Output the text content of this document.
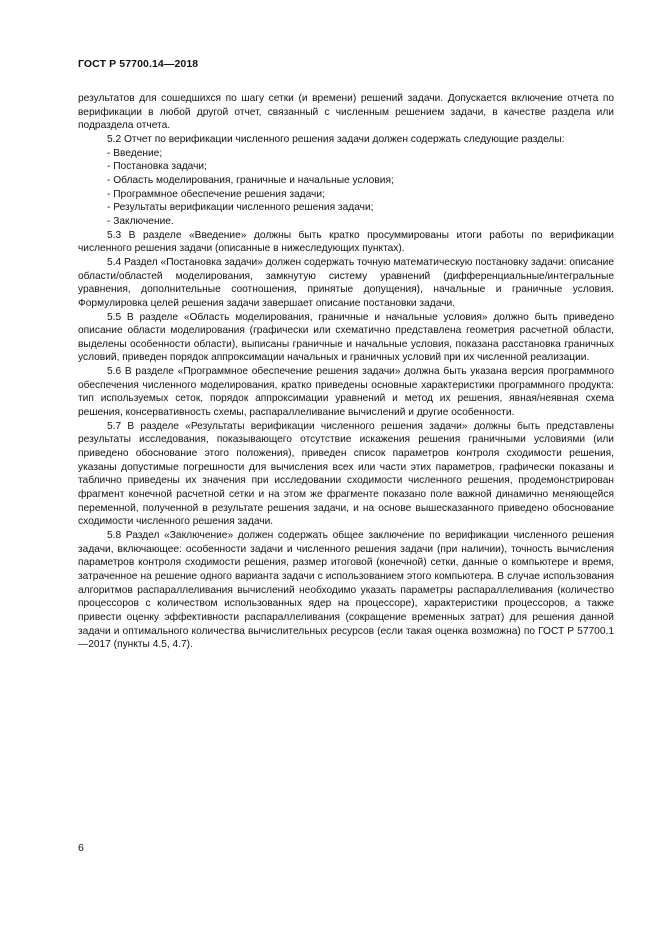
ГОСТ Р 57700.14—2018

результатов для сошедшихся по шагу сетки (и времени) решений задачи. Допускается включение отчета по верификации в любой другой отчет, связанный с численным решением задачи, в качестве раздела или подраздела отчета.

5.2 Отчет по верификации численного решения задачи должен содержать следующие разделы:

- Введение;

- Постановка задачи;

- Область моделирования, граничные и начальные условия;

- Программное обеспечение решения задачи;

- Результаты верификации численного решения задачи;

- Заключение.

5.3 В разделе «Введение» должны быть кратко просуммированы итоги работы по верификации численного решения задачи (описанные в нижеследующих пунктах).

5.4 Раздел «Постановка задачи» должен содержать точную математическую постановку задачи: описание области/областей моделирования, замкнутую систему уравнений (дифференциальные/интегральные уравнения, дополнительные соотношения, принятые допущения), начальные и граничные условия. Формулировка целей решения задачи завершает описание постановки задачи.

5.5 В разделе «Область моделирования, граничные и начальные условия» должно быть приведено описание области моделирования (графически или схематично представлена геометрия расчетной области, выделены особенности области), выписаны граничные и начальные условия, показана расстановка граничных условий, приведен порядок аппроксимации начальных и граничных условий при их численной реализации.

5.6 В разделе «Программное обеспечение решения задачи» должна быть указана версия программного обеспечения численного моделирования, кратко приведены основные характеристики программного продукта: тип используемых сеток, порядок аппроксимации уравнений и метод их решения, явная/неявная схема решения, консервативность схемы, распараллеливание вычислений и другие особенности.

5.7 В разделе «Результаты верификации численного решения задачи» должны быть представлены результаты исследования, показывающего отсутствие искажения решения граничными условиями (или приведено обоснование этого положения), приведен список параметров контроля сходимости решения, указаны допустимые погрешности для вычисления всех или части этих параметров, графически показаны и таблично приведены их значения при исследовании сходимости численного решения, продемонстрирован фрагмент конечной расчетной сетки и на этом же фрагменте показано поле важной динамично меняющейся переменной, полученной в результате решения задачи, и на основе вышесказанного приведено обоснование сходимости численного решения задачи.

5.8 Раздел «Заключение» должен содержать общее заключение по верификации численного решения задачи, включающее: особенности задачи и численного решения задачи (при наличии), точность вычисления параметров контроля сходимости решения, размер итоговой (конечной) сетки, данные о компьютере и время, затраченное на решение одного варианта задачи с использованием этого компьютера. В случае использования алгоритмов распараллеливания вычислений необходимо указать параметры распараллеливания (количество процессоров с количеством использованных ядер на процессоре), характеристики процессоров, а также привести оценку эффективности распараллеливания (сокращение временных затрат) для решения данной задачи и оптимального количества вычислительных ресурсов (если такая оценка возможна) по ГОСТ Р 57700.1—2017 (пункты 4.5, 4.7).

6
